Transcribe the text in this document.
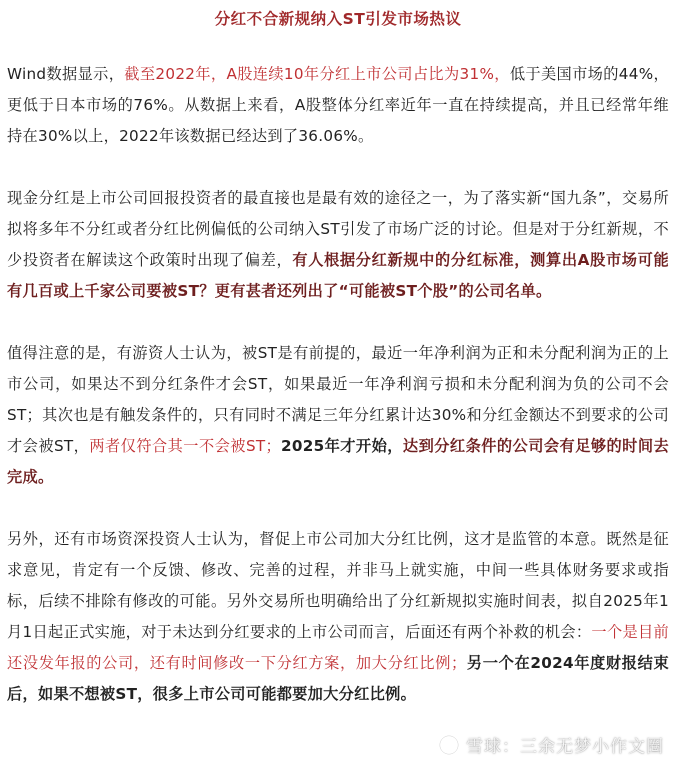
分红不合新规纳入ST引发市场热议

Wind数据显示，截至2022年，A股连续10年分红上市公司占比为31%，低于美国市场的44%，更低于日本市场的76%。从数据上来看，A股整体分红率近年一直在持续提高，并且已经常年维持在30%以上，2022年该数据已经达到了36.06%。

现金分红是上市公司回报投资者的最直接也是最有效的途径之一，为了落实新“国九条”，交易所拟将多年不分红或者分红比例偏低的公司纳入ST引发了市场广泛的讨论。但是对于分红新规，不少投资者在解读这个政策时出现了偏差，有人根据分红新规中的分红标准，测算出A股市场可能有几百或上千家公司要被ST？更有甚者还列出了“可能被ST个股”的公司名单。

值得注意的是，有游资人士认为，被ST是有前提的，最近一年净利润为正和未分配利润为正的上市公司，如果达不到分红条件才会ST，如果最近一年净利润亏损和未分配利润为负的公司不会ST；其次也是有触发条件的，只有同时不满足三年分红累计达30%和分红金额达不到要求的公司才会被ST，两者仅符合其一不会被ST；2025年才开始，达到分红条件的公司会有足够的时间去完成。

另外，还有市场资深投资人士认为，督促上市公司加大分红比例，这才是监管的本意。既然是征求意见，肯定有一个反馈、修改、完善的过程，并非马上就实施，中间一些具体财务要求或指标，后续不排除有修改的可能。另外交易所也明确给出了分红新规拟实施时间表，拟自2025年1月1日起正式实施，对于未达到分红要求的上市公司而言，后面还有两个补救的机会：一个是目前还没发年报的公司，还有时间修改一下分红方案，加大分红比例；另一个在2024年度财报结束后，如果不想被ST，很多上市公司可能都要加大分红比例。

雪球：三余无梦小作文圈
